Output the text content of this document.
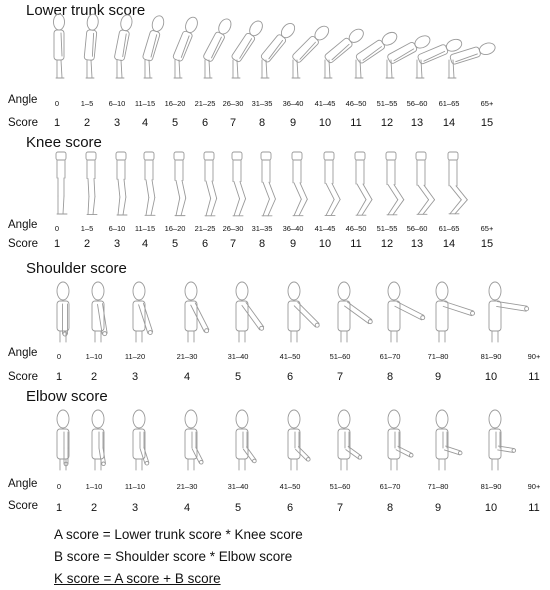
Lower trunk score
Knee score
Shoulder score
Elbow score
Angle
Score
Angle
Score
Angle
Score
Angle
Score
0	1–5 6–10 11–15 16–20 21–25 26–30 31–35 36–40 41–45 46–50 51–55 56–60 61–65	65+
1 2 3 4 5 6 7 8 9 10 11 12 13 14 15
0	1–5 6–10 11–15 16–20 21–25 26–30 31–35 36–40 41–45 46–50 51–55 56–60 61–65	65+
1 2 3 4 5 6 7 8 9 10 11 12 13 14 15
0	1–10	11–20	21–30	31–40	41–50	51–60	61–70	71–80	81–90	90+
1	2	3	4	5	6	7	8	9	10	11
0	1–10	11–10	21–30	31–40	41–50	51–60	61–70	71–80	81–90	90+
1	2	3	4	5	6	7	8	9	10	11
A score = Lower trunk score * Knee score
B score = Shoulder score * Elbow score
K score = A score + B score
